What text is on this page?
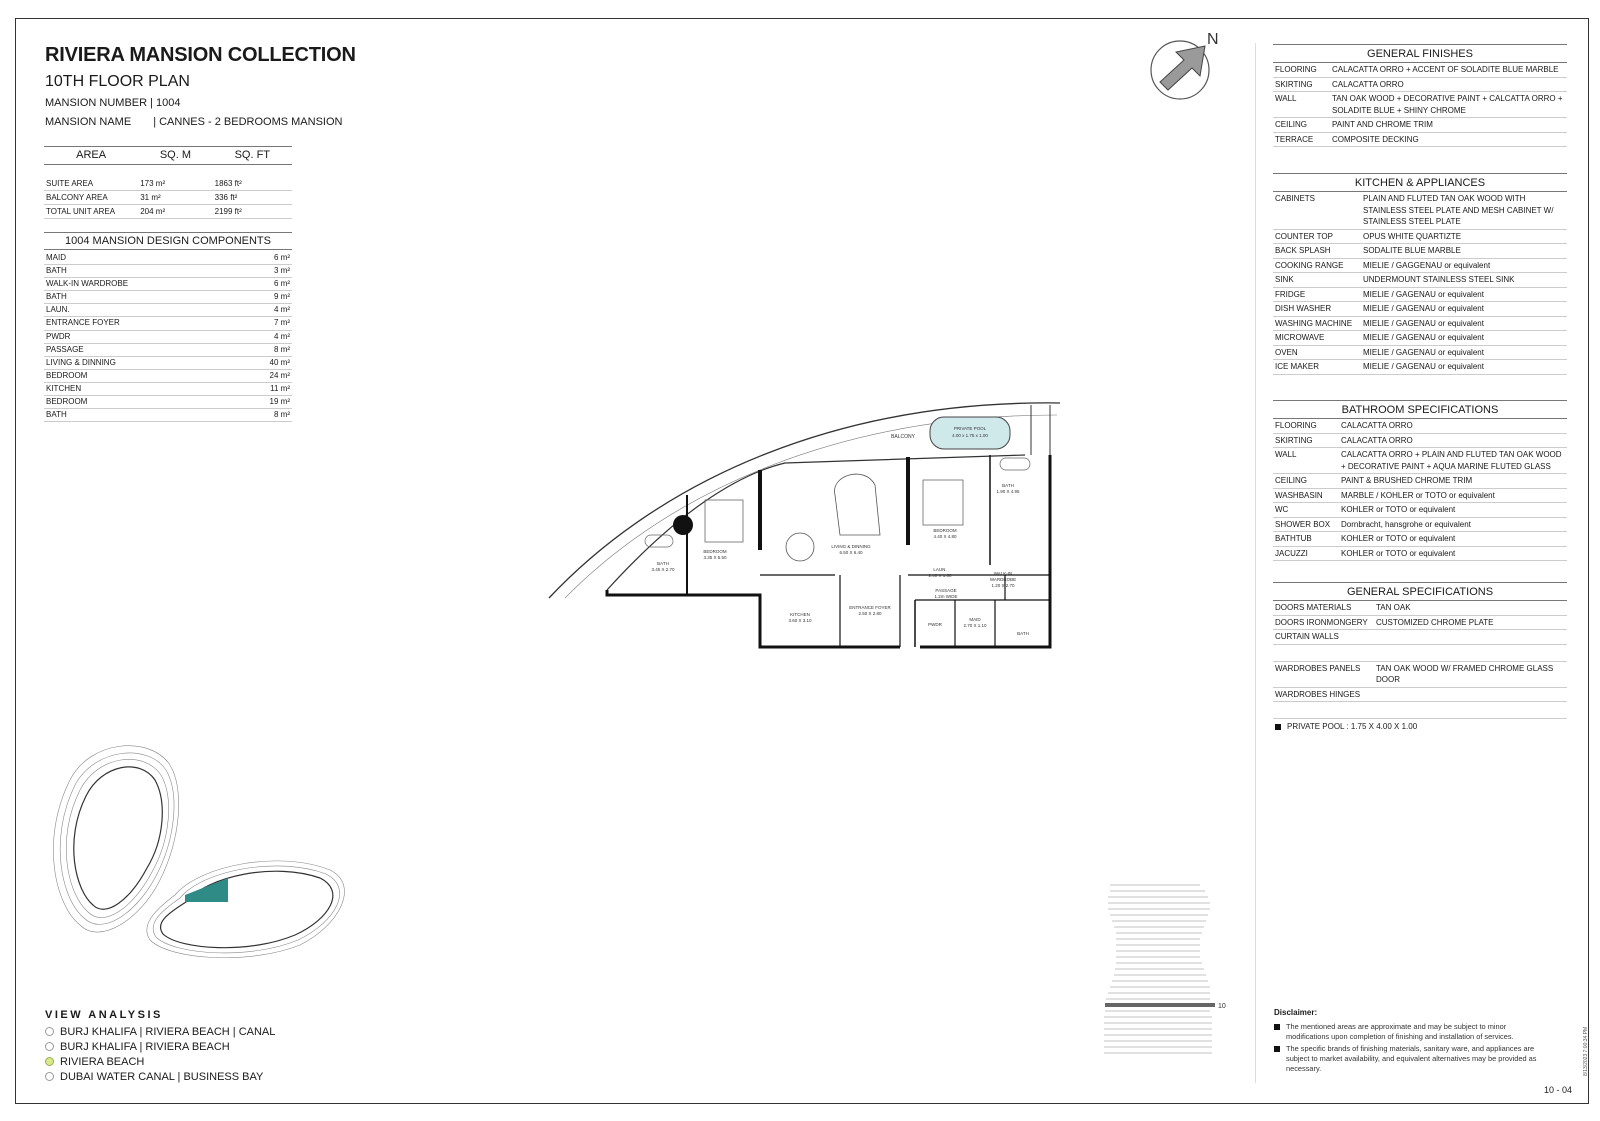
RIVIERA MANSION COLLECTION
10TH FLOOR PLAN
MANSION NUMBER | 1004
MANSION NAME | CANNES - 2 BEDROOMS MANSION
AREA	SQ. M	SQ. FT

SUITE AREA	173 m²	1863 ft²
BALCONY AREA	31 m²	336 ft²
TOTAL UNIT AREA	204 m²	2199 ft²
1004 MANSION DESIGN COMPONENTS
MAID	6 m²
BATH	3 m²
WALK-IN WARDROBE	6 m²
BATH	9 m²
LAUN.	4 m²
ENTRANCE FOYER	7 m²
PWDR	4 m²
PASSAGE	8 m²
LIVING & DINNING	40 m²
BEDROOM	24 m²
KITCHEN	11 m²
BEDROOM	19 m²
BATH	8 m²
N
PRIVATE POOL
4.00 x 1.75 x 1.00
BALCONY
BATH
3.45 X 2.70
BEDROOM
3.35 X 5.50
LIVING & DINNING
6.50 X 6.40
BEDROOM
4.40 X 4.80
BATH
1.90 X 4.95
LAUN.
2.40 X 1.60
PASSAGE
1.2m WIDE
WALK-IN
WARDROBE
1.20 X 2.70
KITCHEN
3.60 X 3.10
ENTRANCE FOYER
2.50 X 2.80
PWDR
MAID
2.70 X 1.10
BATH
10
GENERAL FINISHES
FLOORING	CALACATTA ORRO + ACCENT OF SOLADITE BLUE MARBLE
SKIRTING	CALACATTA ORRO
WALL	TAN OAK WOOD + DECORATIVE PAINT + CALCATTA ORRO + SOLADITE BLUE + SHINY CHROME
CEILING	PAINT AND CHROME TRIM
TERRACE	COMPOSITE DECKING
KITCHEN & APPLIANCES
CABINETS	PLAIN AND FLUTED TAN OAK WOOD WITH STAINLESS STEEL PLATE AND MESH CABINET W/ STAINLESS STEEL PLATE
COUNTER TOP	OPUS WHITE QUARTIZTE
BACK SPLASH	SODALITE BLUE MARBLE
COOKING RANGE	MIELIE / GAGGENAU or equivalent
SINK	UNDERMOUNT STAINLESS STEEL SINK
FRIDGE	MIELIE / GAGENAU or equivalent
DISH WASHER	MIELIE / GAGENAU or equivalent
WASHING MACHINE	MIELIE / GAGENAU or equivalent
MICROWAVE	MIELIE / GAGENAU or equivalent
OVEN	MIELIE / GAGENAU or equivalent
ICE MAKER	MIELIE / GAGENAU or equivalent
BATHROOM SPECIFICATIONS
FLOORING	CALACATTA ORRO
SKIRTING	CALACATTA ORRO
WALL	CALACATTA ORRO + PLAIN AND FLUTED TAN OAK WOOD + DECORATIVE PAINT + AQUA MARINE FLUTED GLASS
CEILING	PAINT & BRUSHED CHROME TRIM
WASHBASIN	MARBLE / KOHLER or TOTO or equivalent
WC	KOHLER or TOTO or equivalent
SHOWER BOX	Dornbracht, hansgrohe or equivalent
BATHTUB	KOHLER or TOTO or equivalent
JACUZZI	KOHLER or TOTO or equivalent
GENERAL SPECIFICATIONS
DOORS MATERIALS	TAN OAK
DOORS IRONMONGERY	CUSTOMIZED CHROME PLATE
CURTAIN WALLS
WARDROBES PANELS	TAN OAK WOOD W/ FRAMED CHROME GLASS DOOR
WARDROBES HINGES
PRIVATE POOL : 1.75 X 4.00 X 1.00
VIEW ANALYSIS
BURJ KHALIFA | RIVIERA BEACH | CANAL
BURJ KHALIFA | RIVIERA BEACH
RIVIERA BEACH
DUBAI WATER CANAL | BUSINESS BAY
Disclaimer:
The mentioned areas are approximate and may be subject to minor modifications upon completion of finishing and installation of services.
The specific brands of finishing materials, sanitary ware, and appliances are subject to market availability, and equivalent alternatives may be provided as necessary.
10 - 04
8/13/2023 7:00:34 PM
